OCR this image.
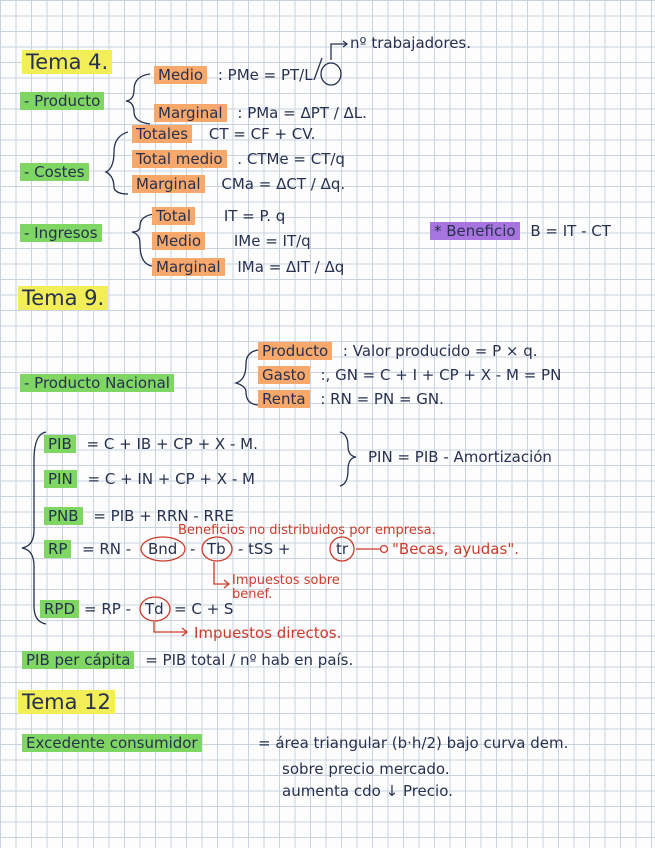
Tema 4.
- Producto
Medio : PMe = PT/L
nº trabajadores.
Marginal : PMa = ΔPT / ΔL.
- Costes
Totales CT = CF + CV.
Total medio . CTMe = CT/q
Marginal CMa = ΔCT / Δq.
- Ingresos
Total IT = P. q
Medio IMe = IT/q
Marginal IMa = ΔIT / Δq
* Beneficio B = IT - CT
Tema 9.
- Producto Nacional
Producto : Valor producido = P × q.
Gasto :, GN = C + I + CP + X - M = PN
Renta : RN = PN = GN.
PIB = C + IB + CP + X - M.
PIN = C + IN + CP + X - M
PIN = PIB - Amortización
PNB = PIB + RRN - RRE
Beneficios no distribuidos por empresa.
RP = RN - Bnd - Tb - tSS +	tr	"Becas, ayudas".
Impuestos sobre benef.
RPD = RP - Td = C + S
Impuestos directos.
PIB per cápita = PIB total / nº hab en país.
Tema 12
Excedente consumidor	= área triangular (b·h/2) bajo curva dem.
sobre precio mercado.
aumenta cdo ↓ Precio.
